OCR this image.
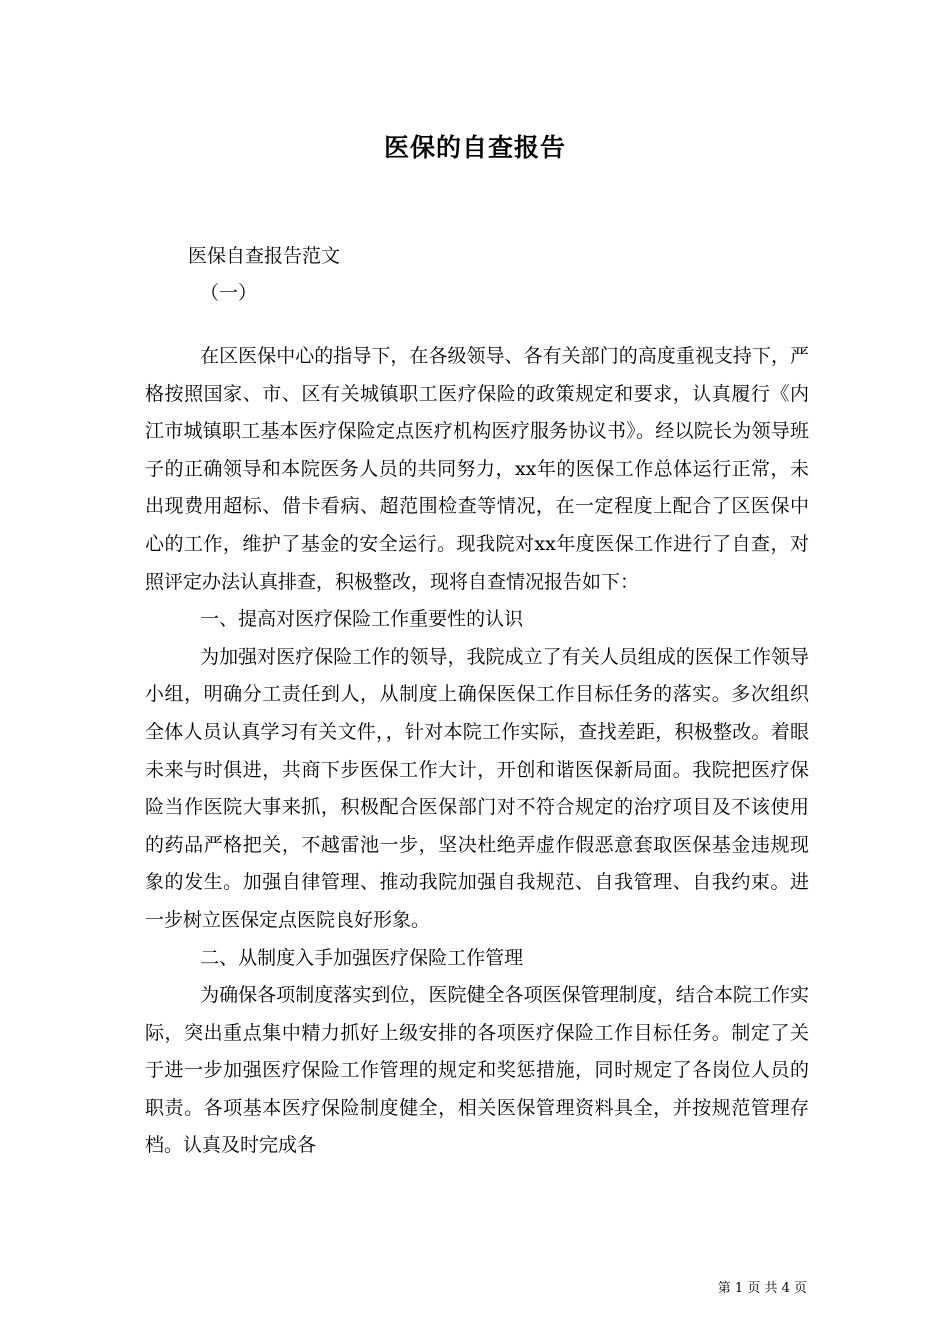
医保的自查报告
医保自查报告范文
（一）

在区医保中心的指导下，在各级领导、各有关部门的高度重视支持下，严格按照国家、市、区有关城镇职工医疗保险的政策规定和要求，认真履行《内江市城镇职工基本医疗保险定点医疗机构医疗服务协议书》。经以院长为领导班子的正确领导和本院医务人员的共同努力，xx年的医保工作总体运行正常，未出现费用超标、借卡看病、超范围检查等情况，在一定程度上配合了区医保中心的工作，维护了基金的安全运行。现我院对xx年度医保工作进行了自查，对照评定办法认真排查，积极整改，现将自查情况报告如下：

一、提高对医疗保险工作重要性的认识

为加强对医疗保险工作的领导，我院成立了有关人员组成的医保工作领导小组，明确分工责任到人，从制度上确保医保工作目标任务的落实。多次组织全体人员认真学习有关文件，，针对本院工作实际，查找差距，积极整改。着眼未来与时俱进，共商下步医保工作大计，开创和谐医保新局面。我院把医疗保险当作医院大事来抓，积极配合医保部门对不符合规定的治疗项目及不该使用的药品严格把关，不越雷池一步，坚决杜绝弄虚作假恶意套取医保基金违规现象的发生。加强自律管理、推动我院加强自我规范、自我管理、自我约束。进一步树立医保定点医院良好形象。

二、从制度入手加强医疗保险工作管理

为确保各项制度落实到位，医院健全各项医保管理制度，结合本院工作实际，突出重点集中精力抓好上级安排的各项医疗保险工作目标任务。制定了关于进一步加强医疗保险工作管理的规定和奖惩措施，同时规定了各岗位人员的职责。各项基本医疗保险制度健全，相关医保管理资料具全，并按规范管理存档。认真及时完成各

第 1 页 共 4 页
